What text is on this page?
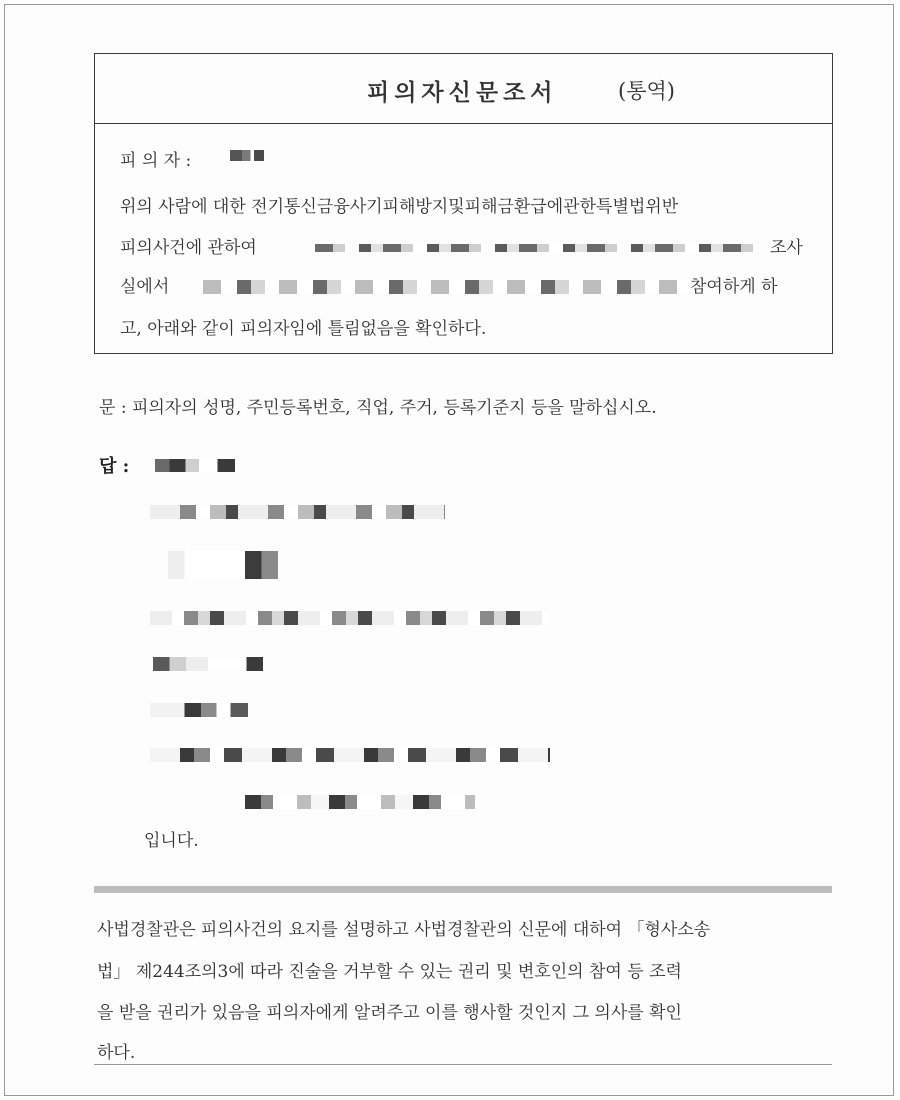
피의자신문조서	(통역)
피 의 자 :
위의 사람에 대한 전기통신금융사기피해방지및피해금환급에관한특별법위반
피의사건에 관하여	조사
실에서	참여하게 하
고, 아래와 같이 피의자임에 틀림없음을 확인하다.
문 : 피의자의 성명, 주민등록번호, 직업, 주거, 등록기준지 등을 말하십시오.
답 :
입니다.
사법경찰관은 피의사건의 요지를 설명하고 사법경찰관의 신문에 대하여 「형사소송
법」 제244조의3에 따라 진술을 거부할 수 있는 권리 및 변호인의 참여 등 조력
을 받을 권리가 있음을 피의자에게 알려주고 이를 행사할 것인지 그 의사를 확인
하다.
